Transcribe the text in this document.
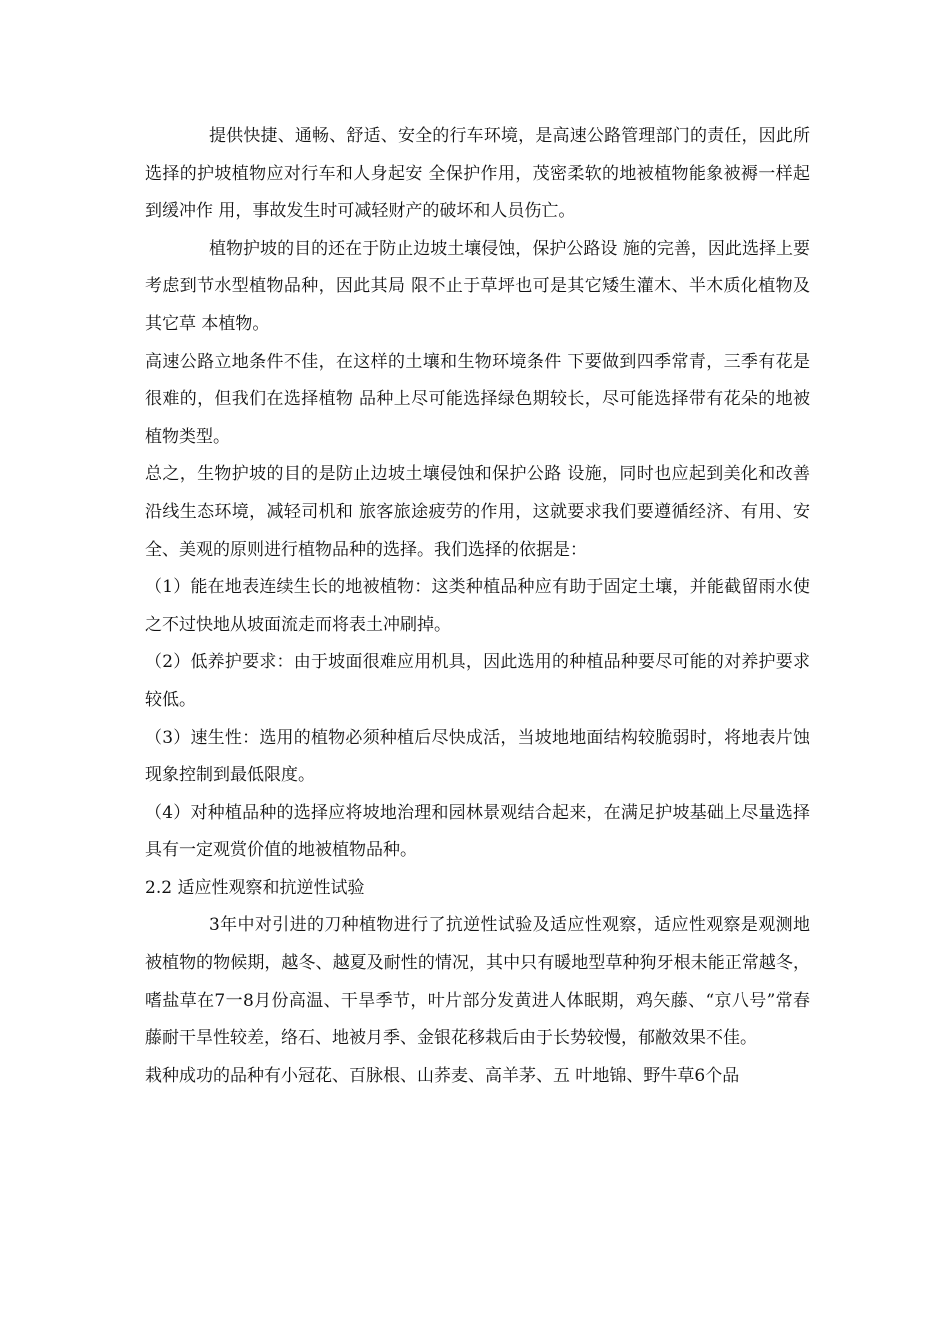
提供快捷、通畅、舒适、安全的行车环境，是高速公路管理部门的责任，因此所选择的护坡植物应对行车和人身起安 全保护作用，茂密柔软的地被植物能象被褥一样起到缓冲作 用，事故发生时可减轻财产的破坏和人员伤亡。

植物护坡的目的还在于防止边坡土壤侵蚀，保护公路设 施的完善，因此选择上要考虑到节水型植物品种，因此其局 限不止于草坪也可是其它矮生灌木、半木质化植物及其它草 本植物。

高速公路立地条件不佳，在这样的土壤和生物环境条件 下要做到四季常青，三季有花是很难的，但我们在选择植物 品种上尽可能选择绿色期较长，尽可能选择带有花朵的地被 植物类型。

总之，生物护坡的目的是防止边坡土壤侵蚀和保护公路 设施，同时也应起到美化和改善沿线生态环境，减轻司机和 旅客旅途疲劳的作用，这就要求我们要遵循经济、有用、安 全、美观的原则进行植物品种的选择。我们选择的依据是：

（1）能在地表连续生长的地被植物：这类种植品种应有助于固定土壤，并能截留雨水使之不过快地从坡面流走而将表土冲刷掉。

（2）低养护要求：由于坡面很难应用机具，因此选用的种植品种要尽可能的对养护要求较低。

（3）速生性：选用的植物必须种植后尽快成活，当坡地地面结构较脆弱时，将地表片蚀现象控制到最低限度。

（4）对种植品种的选择应将坡地治理和园林景观结合起来，在满足护坡基础上尽量选择具有一定观赏价值的地被植物品种。

2.2 适应性观察和抗逆性试验

3年中对引进的刀种植物进行了抗逆性试验及适应性观察，适应性观察是观测地被植物的物候期，越冬、越夏及耐性的情况，其中只有暖地型草种狗牙根未能正常越冬，嗜盐草在7一8月份高温、干旱季节，叶片部分发黄进人体眠期，鸡矢藤、“京八号”常春藤耐干旱性较差，络石、地被月季、金银花移栽后由于长势较慢，郁敝效果不佳。

栽种成功的品种有小冠花、百脉根、山荞麦、高羊茅、五 叶地锦、野牛草6个品
